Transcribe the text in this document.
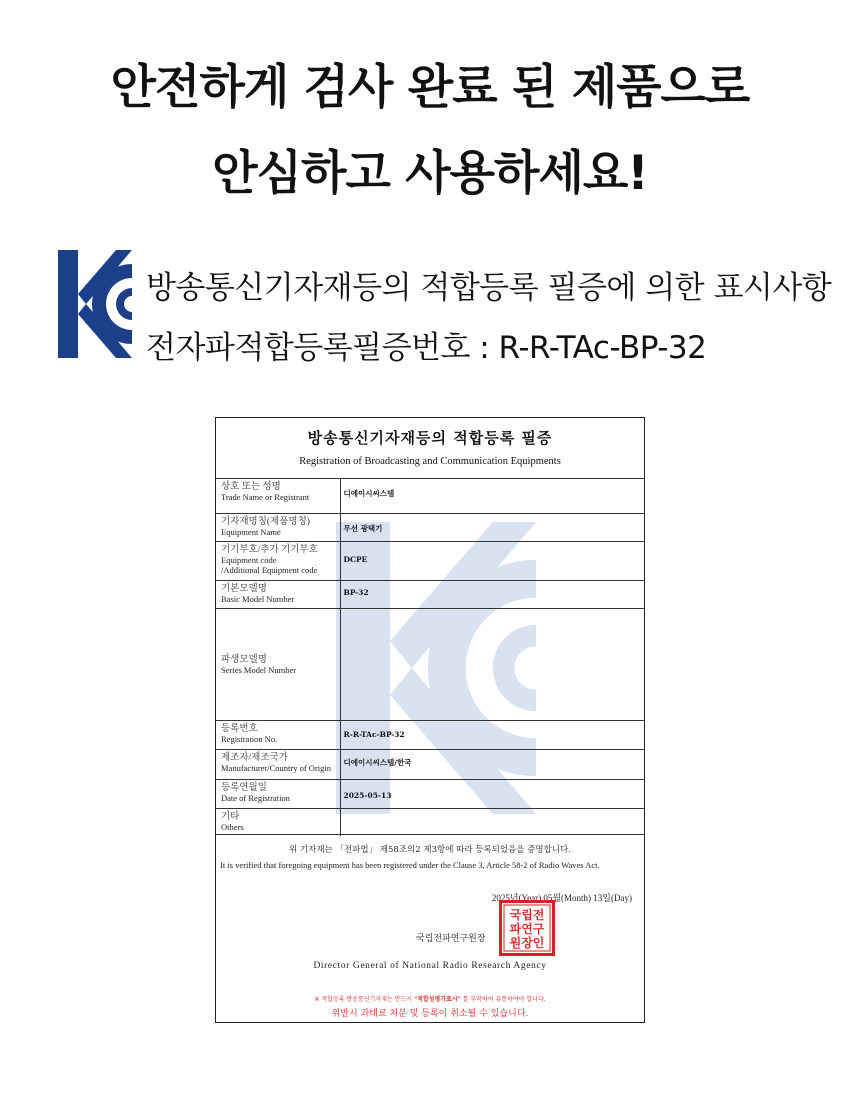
안전하게 검사 완료 된 제품으로
안심하고 사용하세요!
방송통신기자재등의 적합등록 필증에 의한 표시사항
전자파적합등록필증번호 : R-R-TAc-BP-32
방송통신기자재등의 적합등록 필증
Registration of Broadcasting and Communication Equipments
상호 또는 성명
Trade Name or Registrant	디에이시씨스템

기자재명칭(제품명칭)
Equipment Name	무선 광택기

기기부호/추가 기기부호
Equipment code
/Additional Equipment code	DCPE

기본모델명
Basic Model Number	BP-32

파생모델명
Series Model Number	

등록번호
Registration No.	R-R-TAc-BP-32

제조자/제조국가
Manufacturer/Country of Origin	디에이시씨스템/한국

등록연월일
Date of Registration	2025-05-13

기타
Others	

위 기자재는 「전파법」 제58조의2 제3항에 따라 등록되었음을 증명합니다.
It is verified that foregoing equipment has been registered under the Clause 3, Article 58-2 of Radio Waves Act.
2025년(Year) 05월(Month) 13일(Day)
국립전파연구원장
국립전
파연구
원장인
Director General of National Radio Research Agency
※ 적합등록 방송통신기자재는 반드시 "적합성평가표시" 를 부착하여 유통하여야 합니다.
위반시 과태료 처분 및 등록이 취소될 수 있습니다.
